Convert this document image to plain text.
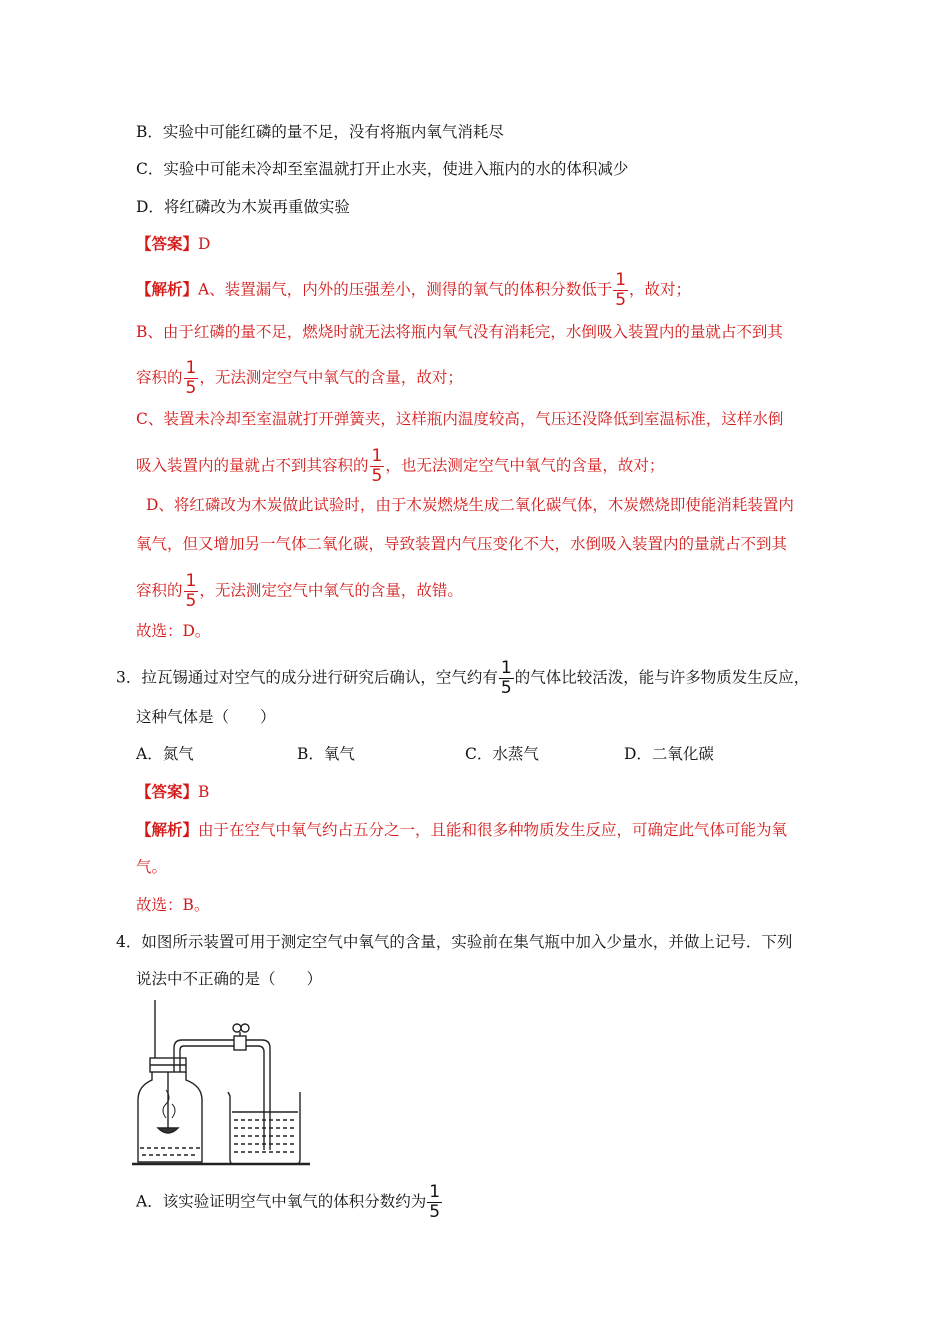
B．实验中可能红磷的量不足，没有将瓶内氧气消耗尽
C．实验中可能未冷却至室温就打开止水夹，使进入瓶内的水的体积减少
D．将红磷改为木炭再重做实验
【答案】D
【解析】A、装置漏气，内外的压强差小，测得的氧气的体积分数低于 $\frac{1}{5}$ ，故对；
B、由于红磷的量不足，燃烧时就无法将瓶内氧气没有消耗完，水倒吸入装置内的量就占不到其
容积的 $\frac{1}{5}$ ，无法测定空气中氧气的含量，故对；
C、装置未冷却至室温就打开弹簧夹，这样瓶内温度较高，气压还没降低到室温标准，这样水倒
吸入装置内的量就占不到其容积的 $\frac{1}{5}$ ，也无法测定空气中氧气的含量，故对；
D、将红磷改为木炭做此试验时，由于木炭燃烧生成二氧化碳气体，木炭燃烧即使能消耗装置内
氧气，但又增加另一气体二氧化碳，导致装置内气压变化不大，水倒吸入装置内的量就占不到其
容积的 $\frac{1}{5}$ ，无法测定空气中氧气的含量，故错。
故选：D。
3．拉瓦锡通过对空气的成分进行研究后确认，空气约有 $\frac{1}{5}$ 的气体比较活泼，能与许多物质发生反应，
这种气体是（　　）
A．氮气	B．氧气	C．水蒸气	D．二氧化碳
【答案】B
【解析】由于在空气中氧气约占五分之一，且能和很多种物质发生反应，可确定此气体可能为氧
气。
故选：B。
4．如图所示装置可用于测定空气中氧气的含量，实验前在集气瓶中加入少量水，并做上记号．下列
说法中不正确的是（　　）
A．该实验证明空气中氧气的体积分数约为 $\frac{1}{5}$
